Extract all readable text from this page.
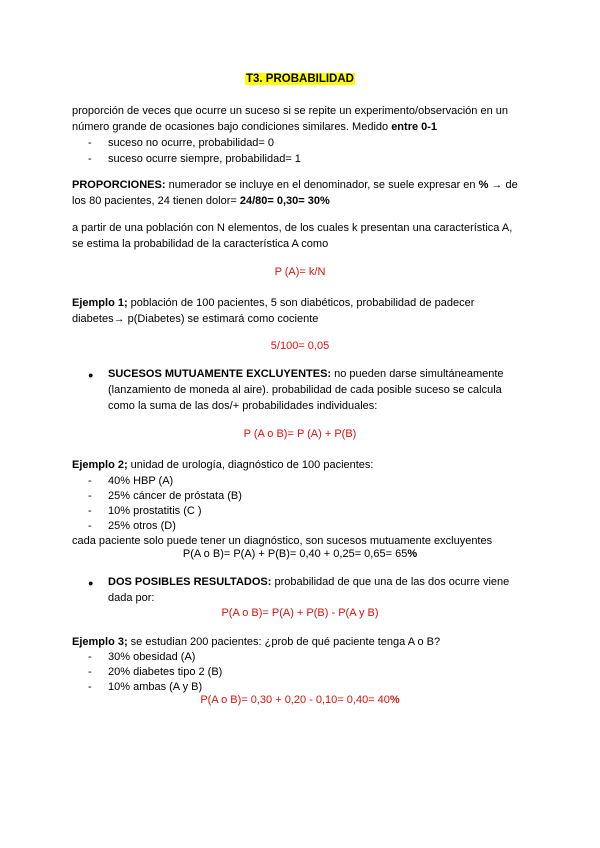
T3. PROBABILIDAD
proporción de veces que ocurre un suceso si se repite un experimento/observación en un
número grande de ocasiones bajo condiciones similares. Medido entre 0-1
- suceso no ocurre, probabilidad= 0
- suceso ocurre siempre, probabilidad= 1
PROPORCIONES: numerador se incluye en el denominador, se suele expresar en % → de
los 80 pacientes, 24 tienen dolor= 24/80= 0,30= 30%
a partir de una población con N elementos, de los cuales k presentan una característica A,
se estima la probabilidad de la característica A como
P (A)= k/N
Ejemplo 1; población de 100 pacientes, 5 son diabéticos, probabilidad de padecer
diabetes→ p(Diabetes) se estimará como cociente
5/100= 0,05
● SUCESOS MUTUAMENTE EXCLUYENTES: no pueden darse simultáneamente
(lanzamiento de moneda al aire). probabilidad de cada posible suceso se calcula
como la suma de las dos/+ probabilidades individuales:
P (A o B)= P (A) + P(B)
Ejemplo 2; unidad de urología, diagnóstico de 100 pacientes:
- 40% HBP (A)
- 25% cáncer de próstata (B)
- 10% prostatitis (C )
- 25% otros (D)
cada paciente solo puede tener un diagnóstico, son sucesos mutuamente excluyentes
P(A o B)= P(A) + P(B)= 0,40 + 0,25= 0,65= 65%
● DOS POSIBLES RESULTADOS: probabilidad de que una de las dos ocurre viene
dada por:
P(A o B)= P(A) + P(B) - P(A y B)
Ejemplo 3; se estudian 200 pacientes: ¿prob de qué paciente tenga A o B?
- 30% obesidad (A)
- 20% diabetes tipo 2 (B)
- 10% ambas (A y B)
P(A o B)= 0,30 + 0,20 - 0,10= 0,40= 40%
